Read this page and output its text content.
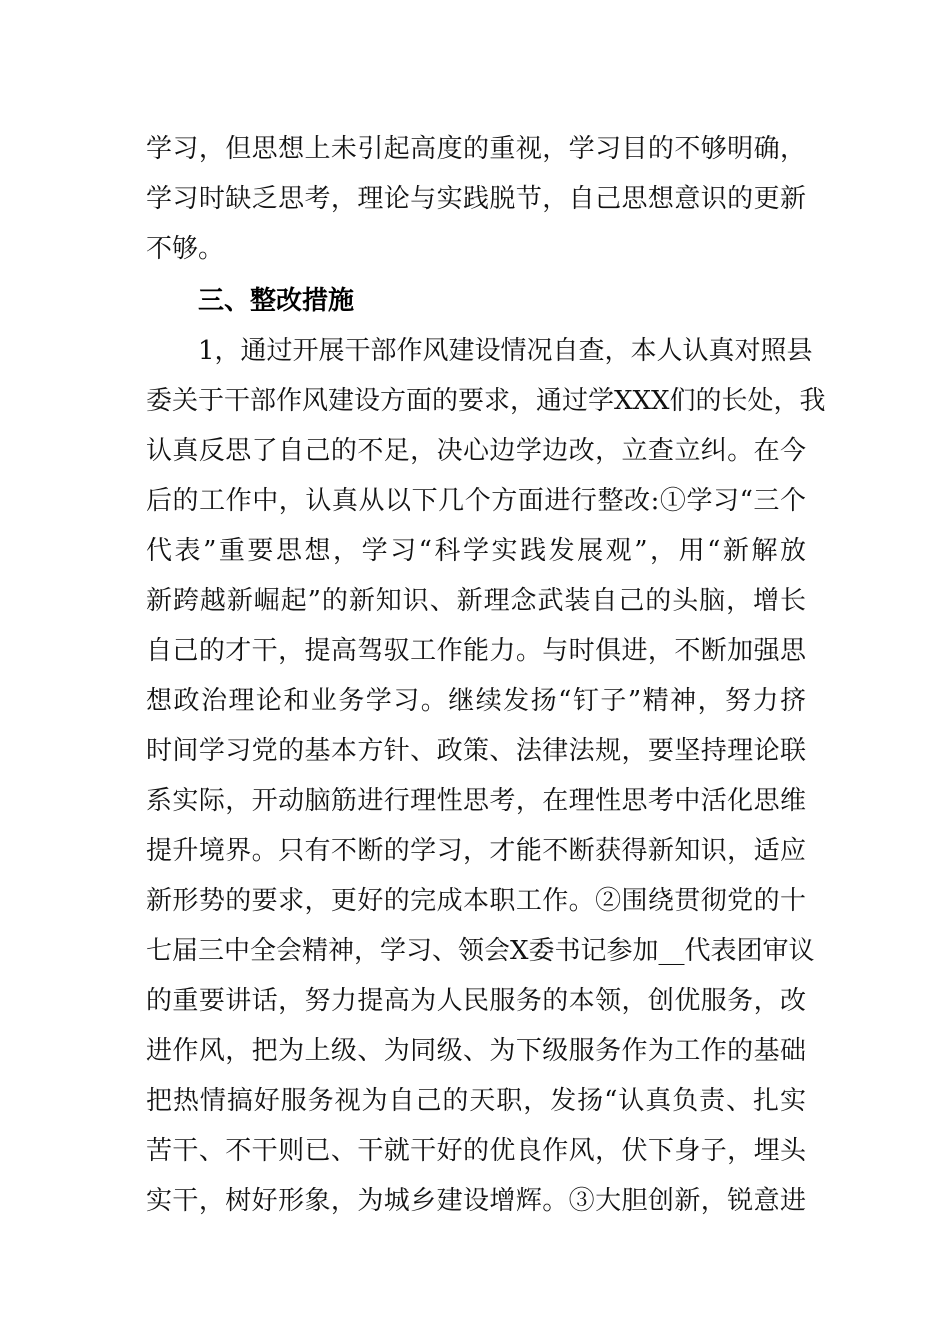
学习，但思想上未引起高度的重视，学习目的不够明确，
学习时缺乏思考，理论与实践脱节，自己思想意识的更新
不够。
三、整改措施
1，通过开展干部作风建设情况自查，本人认真对照县
委关于干部作风建设方面的要求，通过学XXX们的长处，我
认真反思了自己的不足，决心边学边改，立查立纠。在今
后的工作中，认真从以下几个方面进行整改:①学习“三个
代表”重要思想，学习“科学实践发展观”，用“新解放
新跨越新崛起”的新知识、新理念武装自己的头脑，增长
自己的才干，提高驾驭工作能力。与时俱进，不断加强思
想政治理论和业务学习。继续发扬“钉子”精神，努力挤
时间学习党的基本方针、政策、法律法规，要坚持理论联
系实际，开动脑筋进行理性思考，在理性思考中活化思维
提升境界。只有不断的学习，才能不断获得新知识，适应
新形势的要求，更好的完成本职工作。②围绕贯彻党的十
七届三中全会精神，学习、领会X委书记参加__代表团审议
的重要讲话，努力提高为人民服务的本领，创优服务，改
进作风，把为上级、为同级、为下级服务作为工作的基础
把热情搞好服务视为自己的天职，发扬“认真负责、扎实
苦干、不干则已、干就干好的优良作风，伏下身子，埋头
实干，树好形象，为城乡建设增辉。③大胆创新，锐意进
